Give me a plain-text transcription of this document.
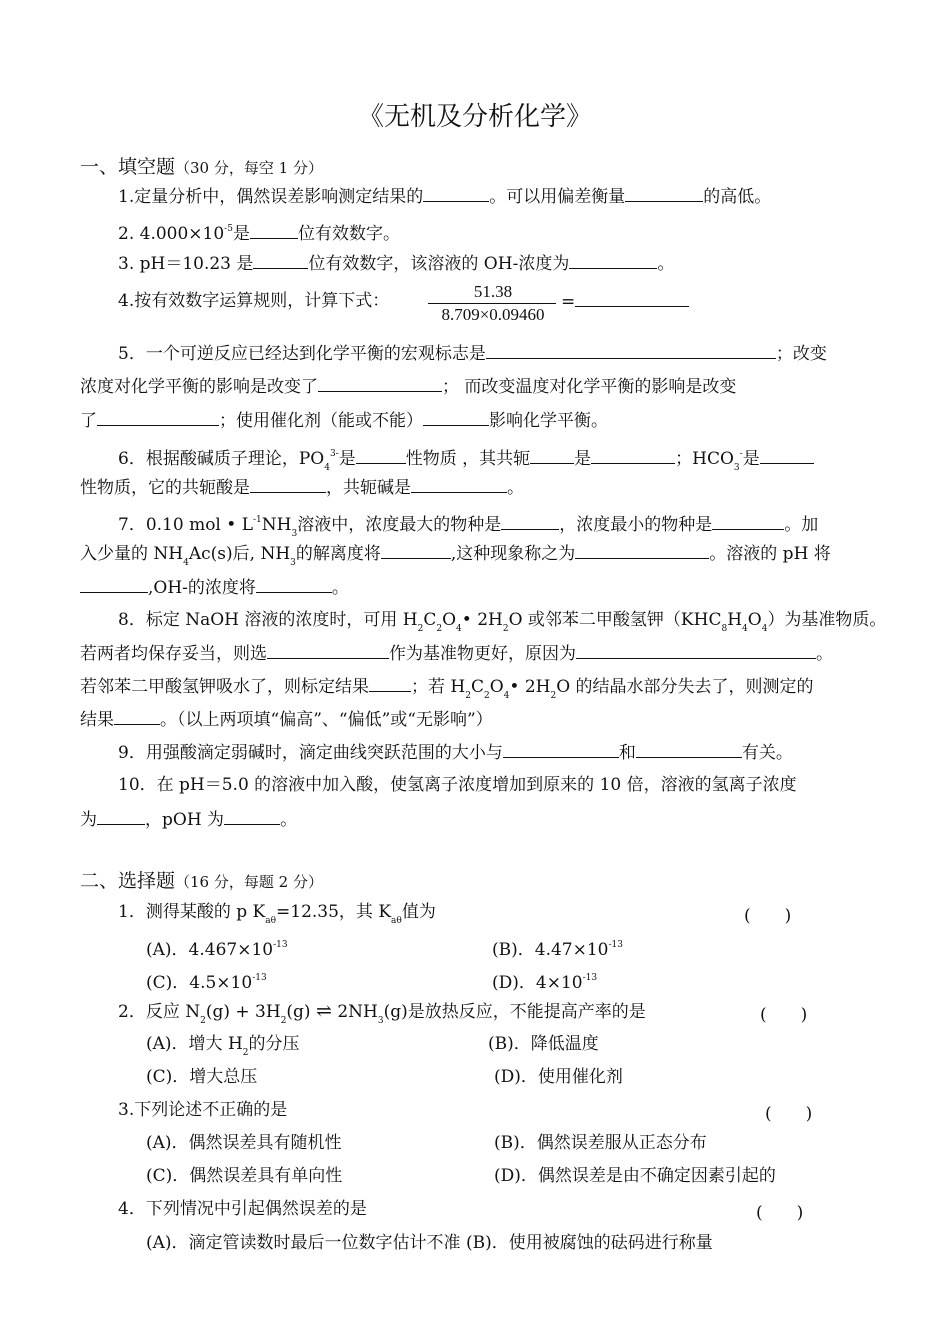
《无机及分析化学》
一、填空题（30 分，每空 1 分）
1.定量分析中，偶然误差影响测定结果的	。可以用偏差衡量	的高低。
2. $4.000\times 10^{-5}$是	位有效数字。
3. pH＝10.23 是	位有效数字，该溶液的 OH-浓度为	。
4.按有效数字运算规则，计算下式：	51.38
8.709×0.09460
=
5．一个可逆反应已经达到化学平衡的宏观标志是	；改变
浓度对化学平衡的影响是改变了	； 而改变温度对化学平衡的影响是改变
了	；使用催化剂（能或不能）	影响化学平衡。
6．根据酸碱质子理论，$PO_4^{3-}$是	性物质 ，其共轭	是	；$HCO_3^-$是
性物质，它的共轭酸是	，共轭碱是	。
7．0.10 mol • $L^{-1}NH_3$溶液中，浓度最大的物种是	，浓度最小的物种是	。加
入少量的 $NH_4Ac(s)$后, $NH_3$的解离度将	,这种现象称之为	。溶液的 pH 将
,OH-的浓度将	。
8．标定 NaOH 溶液的浓度时，可用 $H_2C_2O_4•$ $2H_2O$ 或邻苯二甲酸氢钾$(KHC_8H_4O_4)$为基准物质。
若两者均保存妥当，则选	作为基准物更好，原因为	。
若邻苯二甲酸氢钾吸水了，则标定结果 ；若 $H_2C_2O_4•$ $2H_2O$ 的结晶水部分失去了，则测定的
结果	。（以上两项填“偏高”、“偏低”或“无影响”）
9．用强酸滴定弱碱时，滴定曲线突跃范围的大小与	和	有关。
10．在 pH＝5.0 的溶液中加入酸，使氢离子浓度增加到原来的 10 倍，溶液的氢离子浓度
为	，pOH 为	。
二、选择题（16 分，每题 2 分）
1．测得某酸的 p $K_{a\theta}=12.35$，其 $K_{a\theta}$值为	(　　)
(A)．$4.467\times 10^{-13}$	(B)．$4.47\times 10^{-13}$
(C)．$4.5\times 10^{-13}$	(D)．$4\times 10^{-13}$
2．反应 $N_2(g) + 3H_2(g)$ ⇌ $2NH_3(g)$是放热反应，不能提高产率的是	(　　)
(A)．增大 $H_2$的分压	(B)．降低温度
(C)．增大总压	(D)．使用催化剂
3.下列论述不正确的是	(　　)
(A)．偶然误差具有随机性	(B)．偶然误差服从正态分布
(C)．偶然误差具有单向性	(D)．偶然误差是由不确定因素引起的
4．下列情况中引起偶然误差的是	(　　)
(A)．滴定管读数时最后一位数字估计不准 (B)．使用被腐蚀的砝码进行称量
